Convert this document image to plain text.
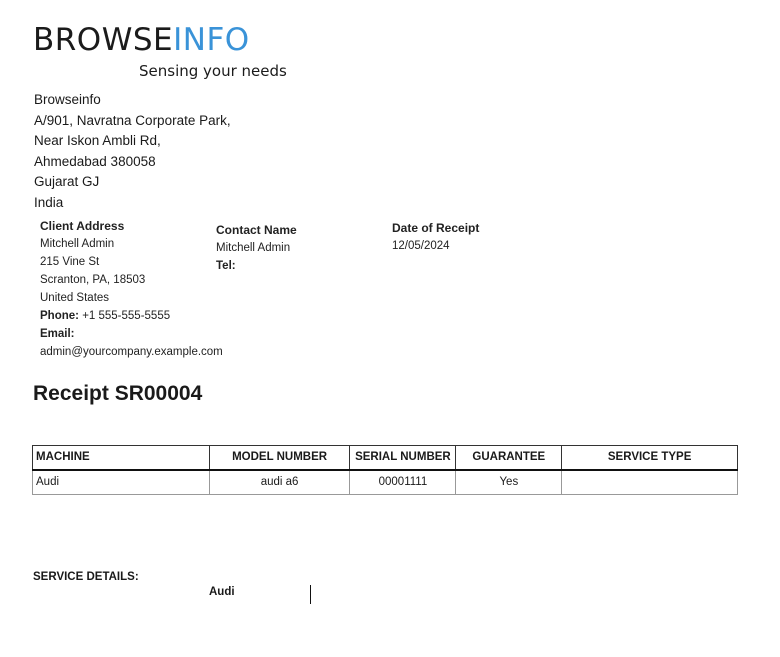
BROWSEINFO
Sensing your needs
Browseinfo
A/901, Navratna Corporate Park,
Near Iskon Ambli Rd,
Ahmedabad 380058
Gujarat GJ
India
Client Address
Mitchell Admin
215 Vine St
Scranton, PA, 18503
United States
Phone: +1 555-555-5555
Email:
admin@yourcompany.example.com
Contact Name
Mitchell Admin
Tel:
Date of Receipt
12/05/2024
Receipt SR00004
MACHINE	MODEL NUMBER	SERIAL NUMBER	GUARANTEE	SERVICE TYPE
Audi	audi a6	00001111	Yes	
SERVICE DETAILS:
Audi
